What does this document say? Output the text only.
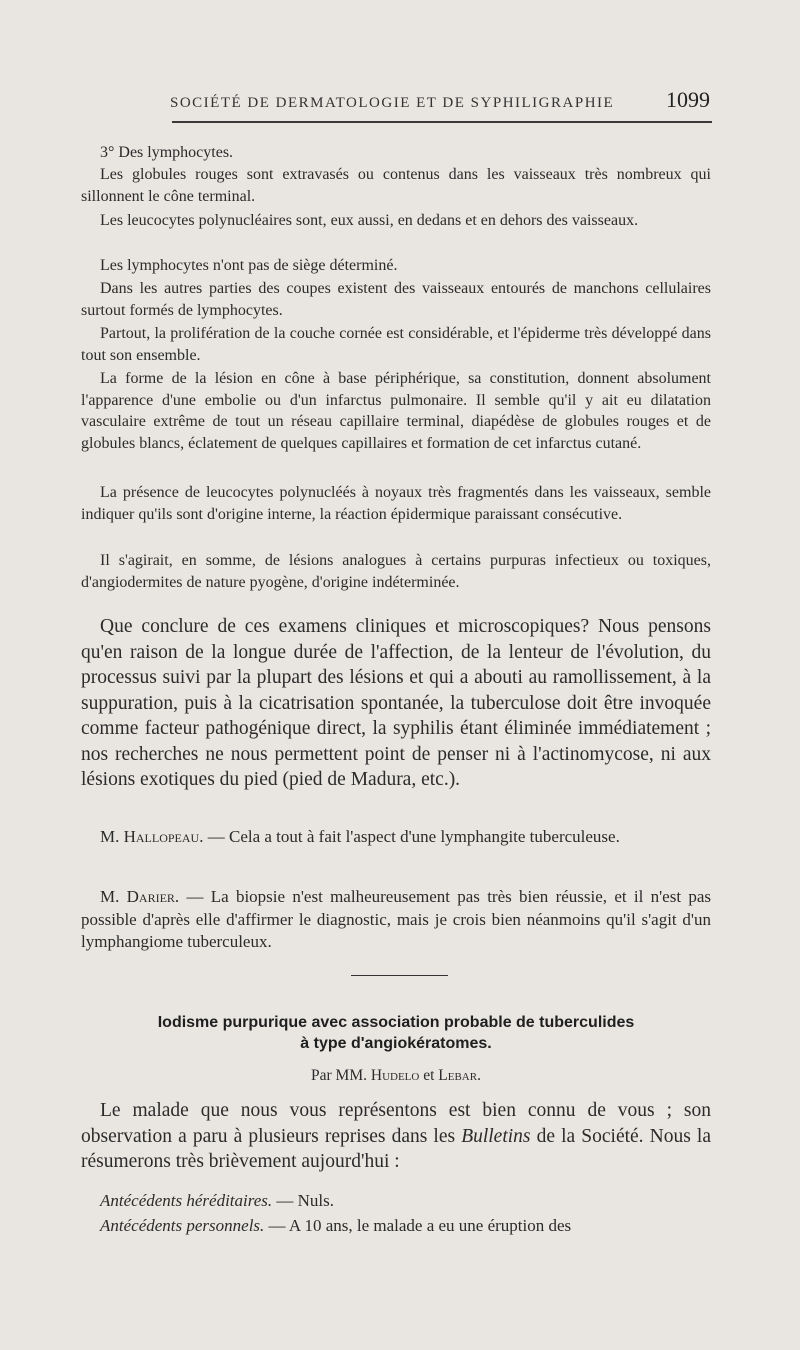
SOCIÉTÉ DE DERMATOLOGIE ET DE SYPHILIGRAPHIE 1099

3° Des lymphocytes.

Les globules rouges sont extravasés ou contenus dans les vaisseaux très nombreux qui sillonnent le cône terminal.

Les leucocytes polynucléaires sont, eux aussi, en dedans et en dehors des vaisseaux.

Les lymphocytes n'ont pas de siège déterminé.

Dans les autres parties des coupes existent des vaisseaux entourés de manchons cellulaires surtout formés de lymphocytes.

Partout, la prolifération de la couche cornée est considérable, et l'épiderme très développé dans tout son ensemble.

La forme de la lésion en cône à base périphérique, sa constitution, donnent absolument l'apparence d'une embolie ou d'un infarctus pulmonaire. Il semble qu'il y ait eu dilatation vasculaire extrême de tout un réseau capillaire terminal, diapédèse de globules rouges et de globules blancs, éclatement de quelques capillaires et formation de cet infarctus cutané.

La présence de leucocytes polynucléés à noyaux très fragmentés dans les vaisseaux, semble indiquer qu'ils sont d'origine interne, la réaction épidermique paraissant consécutive.

Il s'agirait, en somme, de lésions analogues à certains purpuras infectieux ou toxiques, d'angiodermites de nature pyogène, d'origine indéterminée.

Que conclure de ces examens cliniques et microscopiques? Nous pensons qu'en raison de la longue durée de l'affection, de la lenteur de l'évolution, du processus suivi par la plupart des lésions et qui a abouti au ramollissement, à la suppuration, puis à la cicatrisation spontanée, la tuberculose doit être invoquée comme facteur pathogénique direct, la syphilis étant éliminée immédiatement ; nos recherches ne nous permettent point de penser ni à l'actinomycose, ni aux lésions exotiques du pied (pied de Madura, etc.).

M. Hallopeau. — Cela a tout à fait l'aspect d'une lymphangite tuberculeuse.

M. Darier. — La biopsie n'est malheureusement pas très bien réussie, et il n'est pas possible d'après elle d'affirmer le diagnostic, mais je crois bien néanmoins qu'il s'agit d'un lymphangiome tuberculeux.

Iodisme purpurique avec association probable de tuberculides
à type d'angiokératomes.

Par MM. Hudelo et Lebar.

Le malade que nous vous représentons est bien connu de vous ; son observation a paru à plusieurs reprises dans les Bulletins de la Société. Nous la résumerons très brièvement aujourd'hui :

Antécédents héréditaires. — Nuls.

Antécédents personnels. — A 10 ans, le malade a eu une éruption des
